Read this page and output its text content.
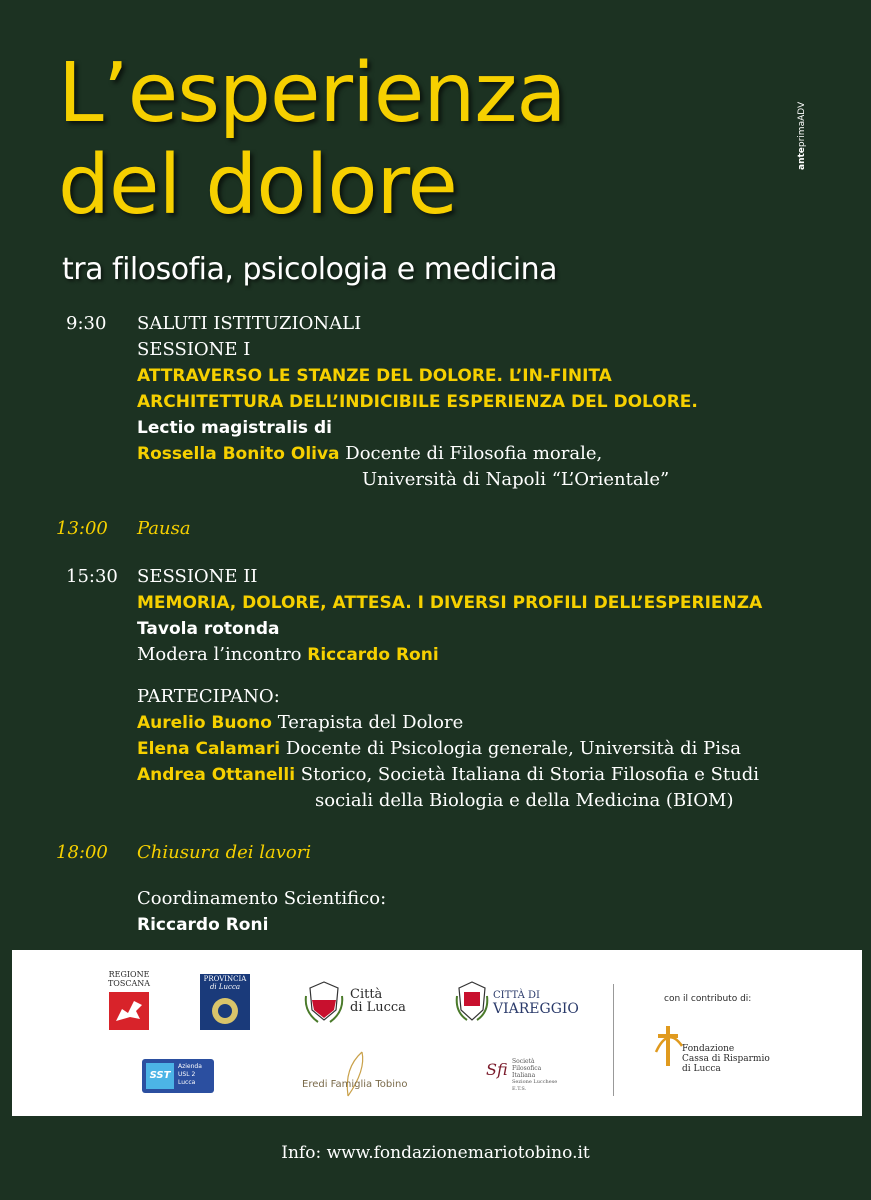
L’esperienza
del dolore
tra filosofia, psicologia e medicina
anteprimaADV
9:30	SALUTI ISTITUZIONALI
SESSIONE I
ATTRAVERSO LE STANZE DEL DOLORE. L’IN-FINITA
ARCHITETTURA DELL’INDICIBILE ESPERIENZA DEL DOLORE.
Lectio magistralis di
Rossella Bonito Oliva Docente di Filosofia morale,
Università di Napoli “L’Orientale”
13:00	Pausa
15:30	SESSIONE II
MEMORIA, DOLORE, ATTESA. I DIVERSI PROFILI DELL’ESPERIENZA
Tavola rotonda
Modera l’incontro Riccardo Roni
PARTECIPANO:
Aurelio Buono Terapista del Dolore
Elena Calamari Docente di Psicologia generale, Università di Pisa
Andrea Ottanelli Storico, Società Italiana di Storia Filosofia e Studi
sociali della Biologia e della Medicina (BIOM)
18:00	Chiusura dei lavori
Coordinamento Scientifico:
Riccardo Roni
REGIONE
TOSCANA	PROVINCIA
di Lucca	Città
di Lucca
CITTÀ DI
VIAREGGIO
con il contributo di:
Fondazione
Cassa di Risparmio
di Lucca
SST
Azienda
USL 2
Lucca	Eredi Famiglia Tobino
Sfi Società
Filosofica
Italiana
Sezione Lucchese
E.T.S.
Info: www.fondazionemariotobino.it
